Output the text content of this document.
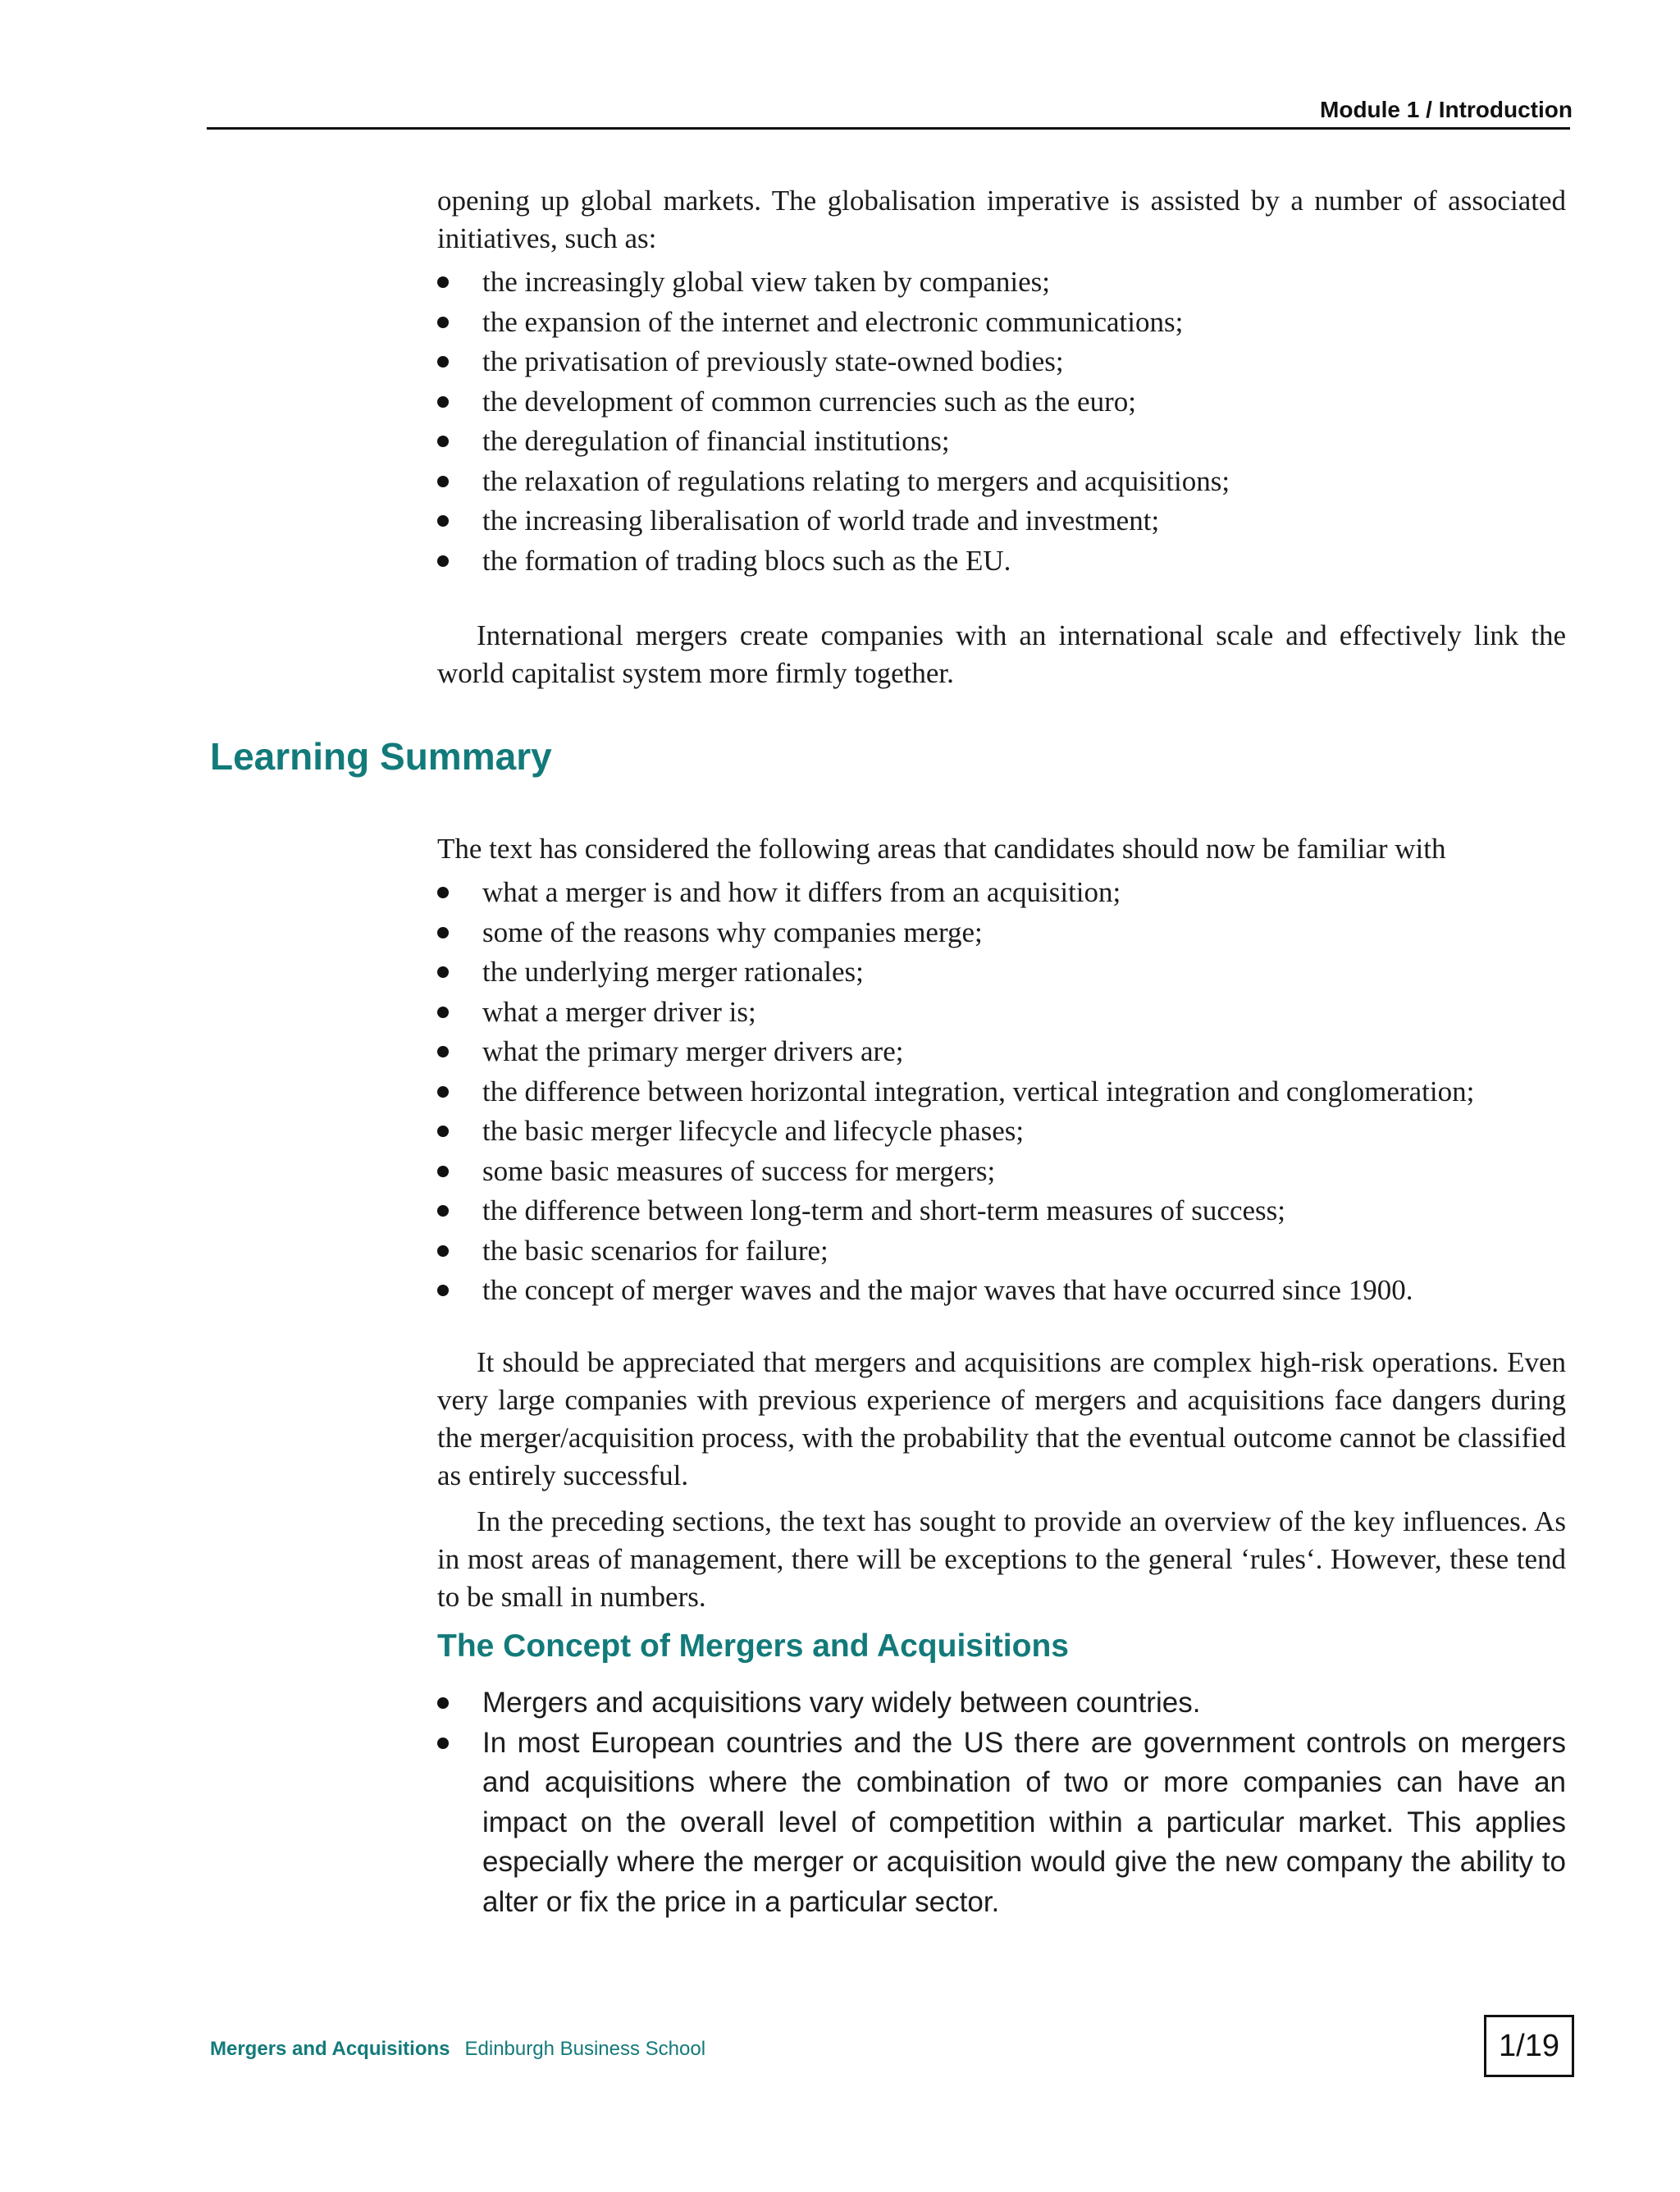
Module 1 / Introduction

opening up global markets. The globalisation imperative is assisted by a number of associated initiatives, such as:

the increasingly global view taken by companies;
the expansion of the internet and electronic communications;
the privatisation of previously state-owned bodies;
the development of common currencies such as the euro;
the deregulation of financial institutions;
the relaxation of regulations relating to mergers and acquisitions;
the increasing liberalisation of world trade and investment;
the formation of trading blocs such as the EU.

International mergers create companies with an international scale and effectively link the world capitalist system more firmly together.

Learning Summary

The text has considered the following areas that candidates should now be familiar with

what a merger is and how it differs from an acquisition;
some of the reasons why companies merge;
the underlying merger rationales;
what a merger driver is;
what the primary merger drivers are;
the difference between horizontal integration, vertical integration and conglomeration;
the basic merger lifecycle and lifecycle phases;
some basic measures of success for mergers;
the difference between long-term and short-term measures of success;
the basic scenarios for failure;
the concept of merger waves and the major waves that have occurred since 1900.

It should be appreciated that mergers and acquisitions are complex high-risk operations. Even very large companies with previous experience of mergers and acquisitions face dangers during the merger/acquisition process, with the probability that the eventual outcome cannot be classified as entirely successful.

In the preceding sections, the text has sought to provide an overview of the key influences. As in most areas of management, there will be exceptions to the general ‘rules‘. However, these tend to be small in numbers.

The Concept of Mergers and Acquisitions
Mergers and acquisitions vary widely between countries.
In most European countries and the US there are government controls on mergers and acquisitions where the combination of two or more companies can have an impact on the overall level of competition within a particular market. This applies especially where the merger or acquisition would give the new company the ability to alter or fix the price in a particular sector.
Mergers and Acquisitions Edinburgh Business School	1/19
